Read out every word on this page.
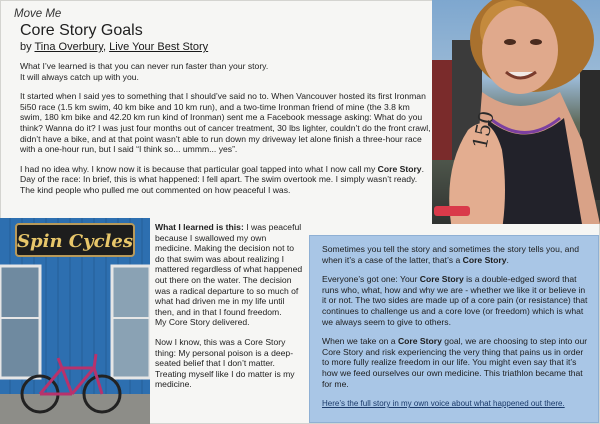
Move Me
Core Story Goals
by Tina Overbury, Live Your Best Story
What I’ve learned is that you can never run faster than your story.
It will always catch up with you.

It started when I said yes to something that I should’ve said no to. When Vancouver hosted its first Ironman 5i50 race (1.5 km swim, 40 km bike and 10 km run), and a two-time Ironman friend of mine (the 3.8 km swim, 180 km bike and 42.20 km run kind of Ironman) sent me a Facebook message asking: What do you think? Wanna do it? I was just four months out of cancer treatment, 30 lbs lighter, couldn’t do the front crawl, didn’t have a bike, and at that point wasn’t able to run down my driveway let alone finish a three-hour race with a one-hour run, but I said “I think so... ummm... yes”.

I had no idea why. I know now it is because that particular goal tapped into what I now call my Core Story. Day of the race: In brief, this is what happened: I fell apart. The swim overtook me. I simply wasn’t ready. The kind people who pulled me out commented on how peaceful I was.

150
Spin Cycles

What I learned is this: I was peaceful because I swallowed my own medicine. Making the decision not to do that swim was about realizing I mattered regardless of what happened out there on the water. The decision was a radical departure to so much of what had driven me in my life until then, and in that I found freedom.
My Core Story delivered.

Now I know, this was a Core Story thing: My personal poison is a deep-seated belief that I don’t matter. Treating myself like I do matter is my medicine.

Sometimes you tell the story and sometimes the story tells you, and when it’s a case of the latter, that’s a Core Story.

Everyone’s got one: Your Core Story is a double-edged sword that runs who, what, how and why we are - whether we like it or believe in it or not. The two sides are made up of a core pain (or resistance) that continues to challenge us and a core love (or freedom) which is what we always seem to give to others.

When we take on a Core Story goal, we are choosing to step into our Core Story and risk experiencing the very thing that pains us in order to more fully realize freedom in our life. You might even say that it’s how we feed ourselves our own medicine. This triathlon became that for me.

Here’s the full story in my own voice about what happened out there.
